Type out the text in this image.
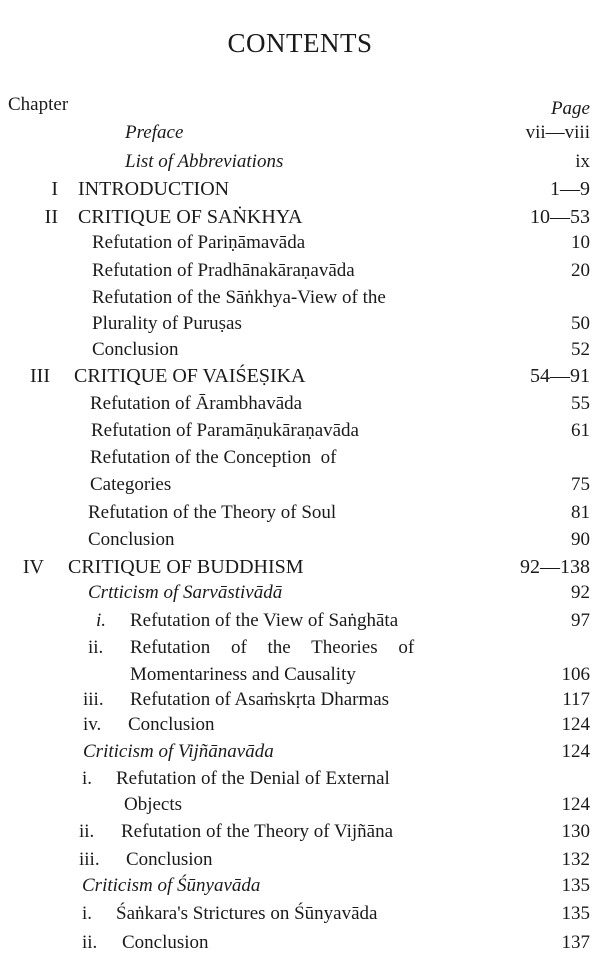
CONTENTS
Chapter	Page
Preface	vii—viii
List of Abbreviations	ix
I INTRODUCTION	1—9
II CRITIQUE OF SAṄKHYA	10—53
Refutation of Pariṇāmavāda	10
Refutation of Pradhānakāraṇavāda	20
Refutation of the Sāṅkhya-View of the
Plurality of Puruṣas	50
Conclusion	52
III CRITIQUE OF VAIŚEṢIKA	54—91
Refutation of Ārambhavāda	55
Refutation of Paramāṇukāraṇavāda	61
Refutation of the Conception  of
Categories	75
Refutation of the Theory of Soul	81
Conclusion	90
IV CRITIQUE OF BUDDHISM	92—138
Crtticism of Sarvāstivādā	92
i. Refutation of the View of Saṅghāta	97
ii. Refutation of the Theories of
Momentariness and Causality	106
iii. Refutation of Asaṁskṛta Dharmas	117
iv. Conclusion	124
Criticism of Vijñānavāda	124
i. Refutation of the Denial of External
Objects	124
ii. Refutation of the Theory of Vijñāna	130
iii. Conclusion	132
Criticism of Śūnyavāda	135
i. Śaṅkara's Strictures on Śūnyavāda	135
ii. Conclusion	137
